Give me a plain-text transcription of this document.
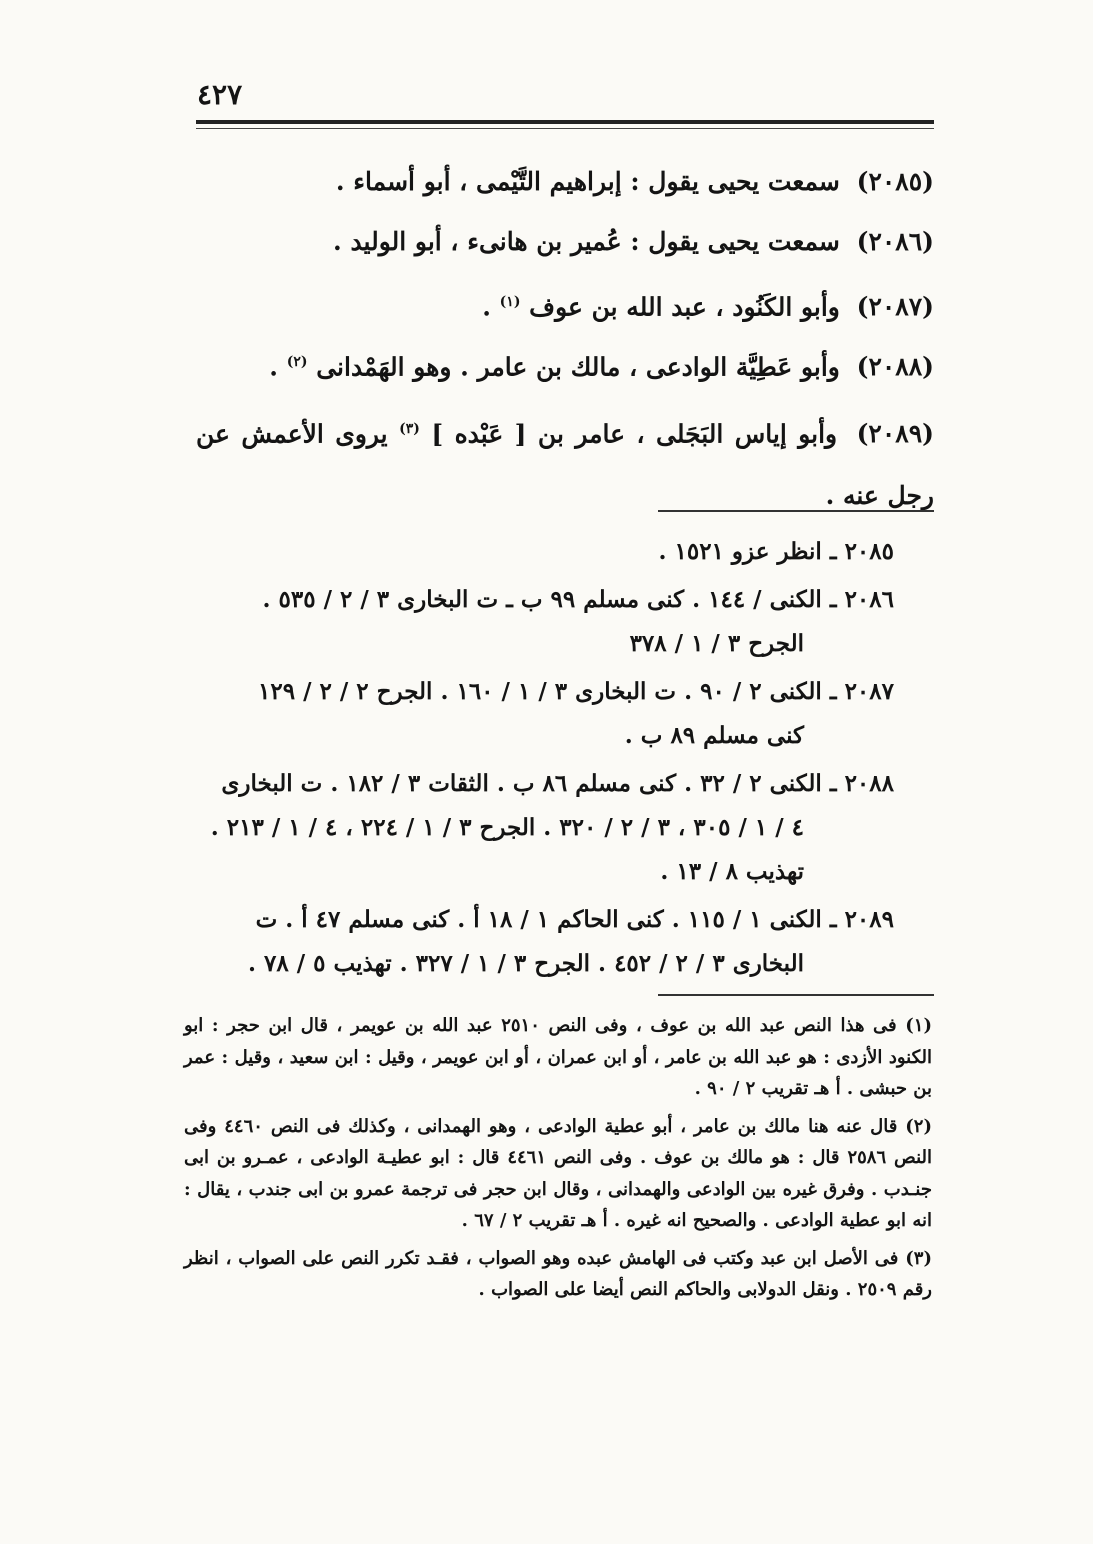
٤٢٧
(٢٠٨٥) سمعت يحيى يقول : إبراهيم التَّيْمى ، أبو أسماء .
(٢٠٨٦) سمعت يحيى يقول : عُمير بن هانىء ، أبو الوليد .
(٢٠٨٧) وأبو الكَنُود ، عبد الله بن عوف $^{(١)}$ .
(٢٠٨٨) وأبو عَطِيَّة الوادعى ، مالك بن عامر . وهو الهَمْدانى $^{(٢)}$ .
(٢٠٨٩) وأبو إياس البَجَلى ، عامر بن [ عَبْده ] $^{(٣)}$ يروى الأعمش عن رجل عنه .
٢٠٨٥ ـ انظر عزو ١٥٢١ .
٢٠٨٦ ـ الكنى / ١٤٤ . كنى مسلم ٩٩ ب ـ ت البخارى ٣ / ٢ / ٥٣٥ .
الجرح ٣ / ١ / ٣٧٨
٢٠٨٧ ـ الكنى ٢ / ٩٠ . ت البخارى ٣ / ١ / ١٦٠ . الجرح ٢ / ٢ / ١٢٩
كنى مسلم ٨٩ ب .
٢٠٨٨ ـ الكنى ٢ / ٣٢ . كنى مسلم ٨٦ ب . الثقات ٣ / ١٨٢ . ت البخارى
٤ / ١ / ٣٠٥ ، ٣ / ٢ / ٣٢٠ . الجرح ٣ / ١ / ٢٢٤ ، ٤ / ١ / ٢١٣ .
تهذيب ٨ / ١٣ .
٢٠٨٩ ـ الكنى ١ / ١١٥ . كنى الحاكم ١ / ١٨ أ . كنى مسلم ٤٧ أ . ت
البخارى ٣ / ٢ / ٤٥٢ . الجرح ٣ / ١ / ٣٢٧ . تهذيب ٥ / ٧٨ .
(١) فى هذا النص عبد الله بن عوف ، وفى النص ٢٥١٠ عبد الله بن عويمر ، قال ابن حجر : ابو الكنود الأزدى : هو عبد الله بن عامر ، أو ابن عمران ، أو ابن عويمر ، وقيل : ابن سعيد ، وقيل : عمر بن حبشى . أ هـ تقريب ٢ / ٩٠ .
(٢) قال عنه هنا مالك بن عامر ، أبو عطية الوادعى ، وهو الهمدانى ، وكذلك فى النص ٤٤٦٠ وفى النص ٢٥٨٦ قال : هو مالك بن عوف . وفى النص ٤٤٦١ قال : ابو عطيـة الوادعى ، عمـرو بن ابى جنـدب . وفرق غيره بين الوادعى والهمدانى ، وقال ابن حجر فى ترجمة عمرو بن ابى جندب ، يقال : انه ابو عطية الوادعى . والصحيح انه غيره . أ هـ تقريب ٢ / ٦٧ .
(٣) فى الأصل ابن عبد وكتب فى الهامش عبده وهو الصواب ، فقـد تكرر النص على الصواب ، انظر رقم ٢٥٠٩ . ونقل الدولابى والحاكم النص أيضا على الصواب .
